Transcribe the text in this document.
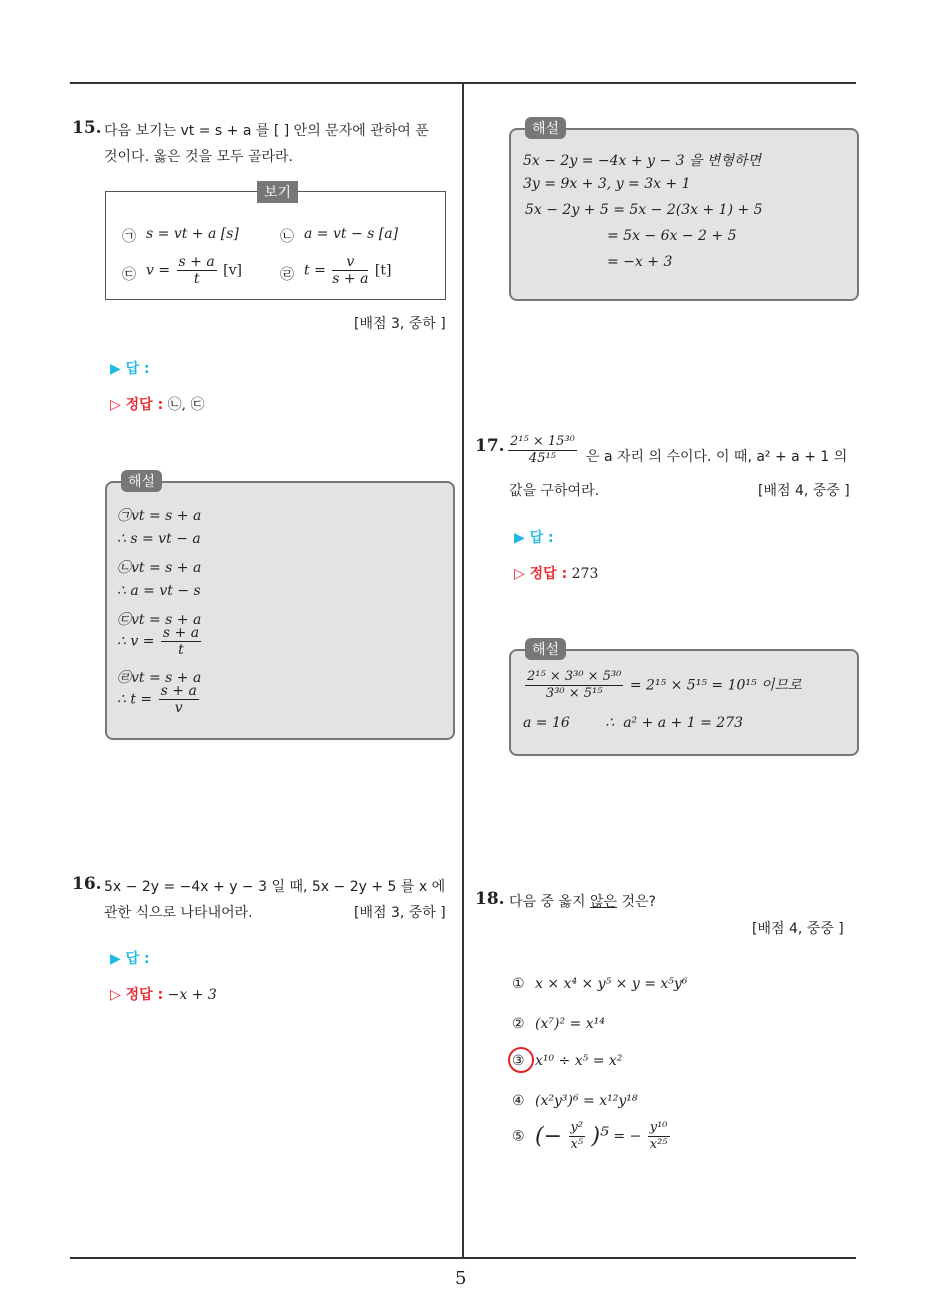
5
15. 다음 보기는 vt = s + a 를 [ ] 안의 문자에 관하여 푼
것이다. 옳은 것을 모두 골라라.
보기
㉠ s = vt + a [s]	㉡ a = vt − s [a]
㉢ $v = \frac{s + a}{t} [v]$	㉣ $t = \frac{v}{s + a} [t]$
[배점 3, 중하 ]
▶ 답 :
▷ 정답 : ㉡, ㉢
해설
㉠vt = s + a
∴ s = vt − a
㉡vt = s + a
∴ a = vt − s
㉢vt = s + a
∴ $v = \frac{s + a}{t}$
㉣vt = s + a
∴ $t = \frac{s + a}{v}$
16. 5x − 2y = −4x + y − 3 일 때, 5x − 2y + 5 를 x 에
관한 식으로 나타내어라.	[배점 3, 중하 ]
▶ 답 :
▷ 정답 : −x + 3
해설
5x − 2y = −4x + y − 3 을 변형하면
3y = 9x + 3, y = 3x + 1
5x − 2y + 5 = 5x − 2(3x + 1) + 5
= 5x − 6x − 2 + 5
= −x + 3
17. $\frac{\text{2¹⁵ × 15³⁰}}{\text{45¹⁵}}$ 은 a 자리 의 수이다. 이 때, a² + a + 1 의
값을 구하여라.	[배점 4, 중중 ]
▶ 답 :
▷ 정답 : 273
해설
$\frac{\text{2¹⁵ × 3³⁰ × 5³⁰}}{\text{3³⁰ × 5¹⁵}} = 2^{15} \times 5^{15} = 10^{15}$ 이므로
a = 16        ∴  a² + a + 1 = 273
18. 다음 중 옳지 않은 것은?
[배점 4, 중중 ]
① x × x⁴ × y⁵ × y = x⁵y⁶
② (x⁷)² = x¹⁴
③ x¹⁰ ÷ x⁵ = x²
④ (x²y³)⁶ = x¹²y¹⁸
⑤ (− $\frac{\text{y²}}{\text{x⁵}} )^5$ = − $\frac{\text{y¹⁰}}{\text{x²⁵}}$
